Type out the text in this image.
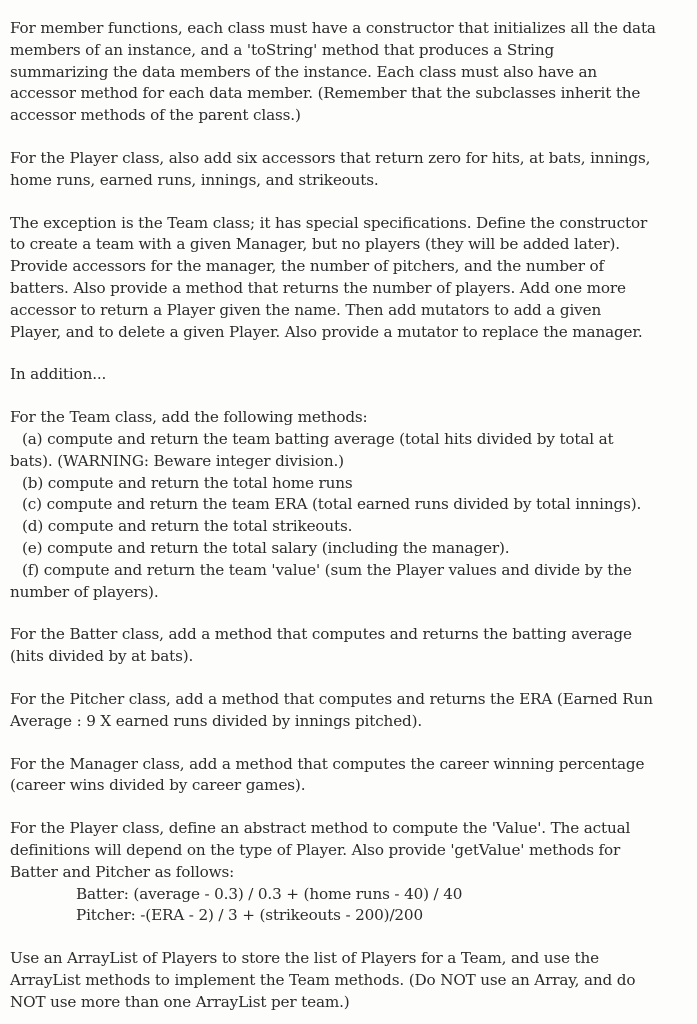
For member functions, each class must have a constructor that initializes all the data
members of an instance, and a 'toString' method that produces a String
summarizing the data members of the instance. Each class must also have an
accessor method for each data member. (Remember that the subclasses inherit the
accessor methods of the parent class.)
For the Player class, also add six accessors that return zero for hits, at bats, innings,
home runs, earned runs, innings, and strikeouts.
The exception is the Team class; it has special specifications. Define the constructor
to create a team with a given Manager, but no players (they will be added later).
Provide accessors for the manager, the number of pitchers, and the number of
batters. Also provide a method that returns the number of players. Add one more
accessor to return a Player given the name. Then add mutators to add a given
Player, and to delete a given Player. Also provide a mutator to replace the manager.
In addition...
For the Team class, add the following methods:
(a) compute and return the team batting average (total hits divided by total at
bats). (WARNING: Beware integer division.)
(b) compute and return the total home runs
(c) compute and return the team ERA (total earned runs divided by total innings).
(d) compute and return the total strikeouts.
(e) compute and return the total salary (including the manager).
(f) compute and return the team 'value' (sum the Player values and divide by the
number of players).
For the Batter class, add a method that computes and returns the batting average
(hits divided by at bats).
For the Pitcher class, add a method that computes and returns the ERA (Earned Run
Average : 9 X earned runs divided by innings pitched).
For the Manager class, add a method that computes the career winning percentage
(career wins divided by career games).
For the Player class, define an abstract method to compute the 'Value'. The actual
definitions will depend on the type of Player. Also provide 'getValue' methods for
Batter and Pitcher as follows:
Batter: (average - 0.3) / 0.3 + (home runs - 40) / 40
Pitcher: -(ERA - 2) / 3 + (strikeouts - 200)/200
Use an ArrayList of Players to store the list of Players for a Team, and use the
ArrayList methods to implement the Team methods. (Do NOT use an Array, and do
NOT use more than one ArrayList per team.)
